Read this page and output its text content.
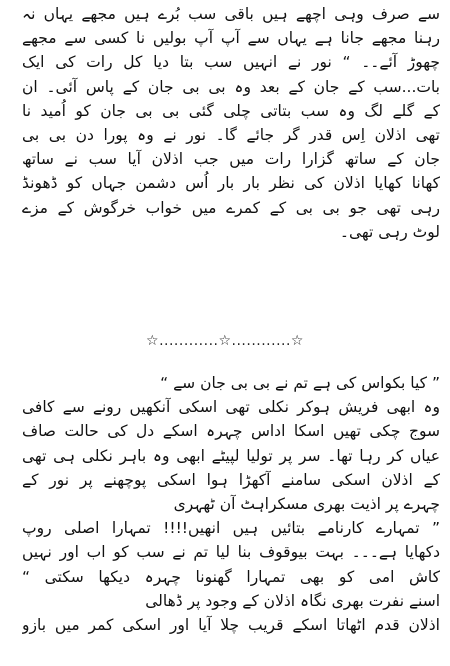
سے صرف وہی اچھے ہیں باقی سب بُرے ہیں مجھے یہاں نہ
رہنا مجھے جانا ہے یہاں سے آپ آپ بولیں نا کسی سے مجھے
چھوڑ آئے۔۔ “ نور نے انہیں سب بتا دیا کل رات کی ایک
بات...سب کے جان کے بعد وہ بی بی جان کے پاس آئی۔ ان
کے گلے لگ وہ سب بتاتی چلی گئی بی بی جان کو اُمید نا
تھی اذلان اِس قدر گر جائے گا۔ نور نے وہ پورا دن بی بی
جان کے ساتھ گزارا رات میں جب اذلان آیا سب نے ساتھ
کھانا کھایا اذلان کی نظر بار بار اُس دشمن جہاں کو ڈھونڈ
رہی تھی جو بی بی کے کمرے میں خواب خرگوش کے مزے
لوٹ رہی تھی۔
☆............☆............☆
” کیا بکواس کی ہے تم نے بی بی جان سے “
وہ ابھی فریش ہوکر نکلی تھی اسکی آنکھیں رونے سے کافی
سوج چکی تھیں اسکا اداس چہرہ اسکے دل کی حالت صاف
عیاں کر رہا تھا۔ سر پر تولیا لپیٹے ابھی وہ باہر نکلی ہی تھی
کے اذلان اسکی سامنے آکھڑا ہوا اسکی پوچھنے پر نور کے
چہرے پر اذیت بھری مسکراہٹ آن ٹھہری
” تمہارے کارنامے بتائیں ہیں انھیں!!!! تمہارا اصلی روپ
دکھایا ہے۔۔۔ بہت بیوقوف بنا لیا تم نے سب کو اب اور نہیں
کاش امی کو بھی تمہارا گھنونا چہرہ دیکھا سکتی “
اسنے نفرت بھری نگاہ اذلان کے وجود پر ڈھالی
اذلان قدم اٹھاتا اسکے قریب چلا آیا اور اسکی کمر میں بازو
